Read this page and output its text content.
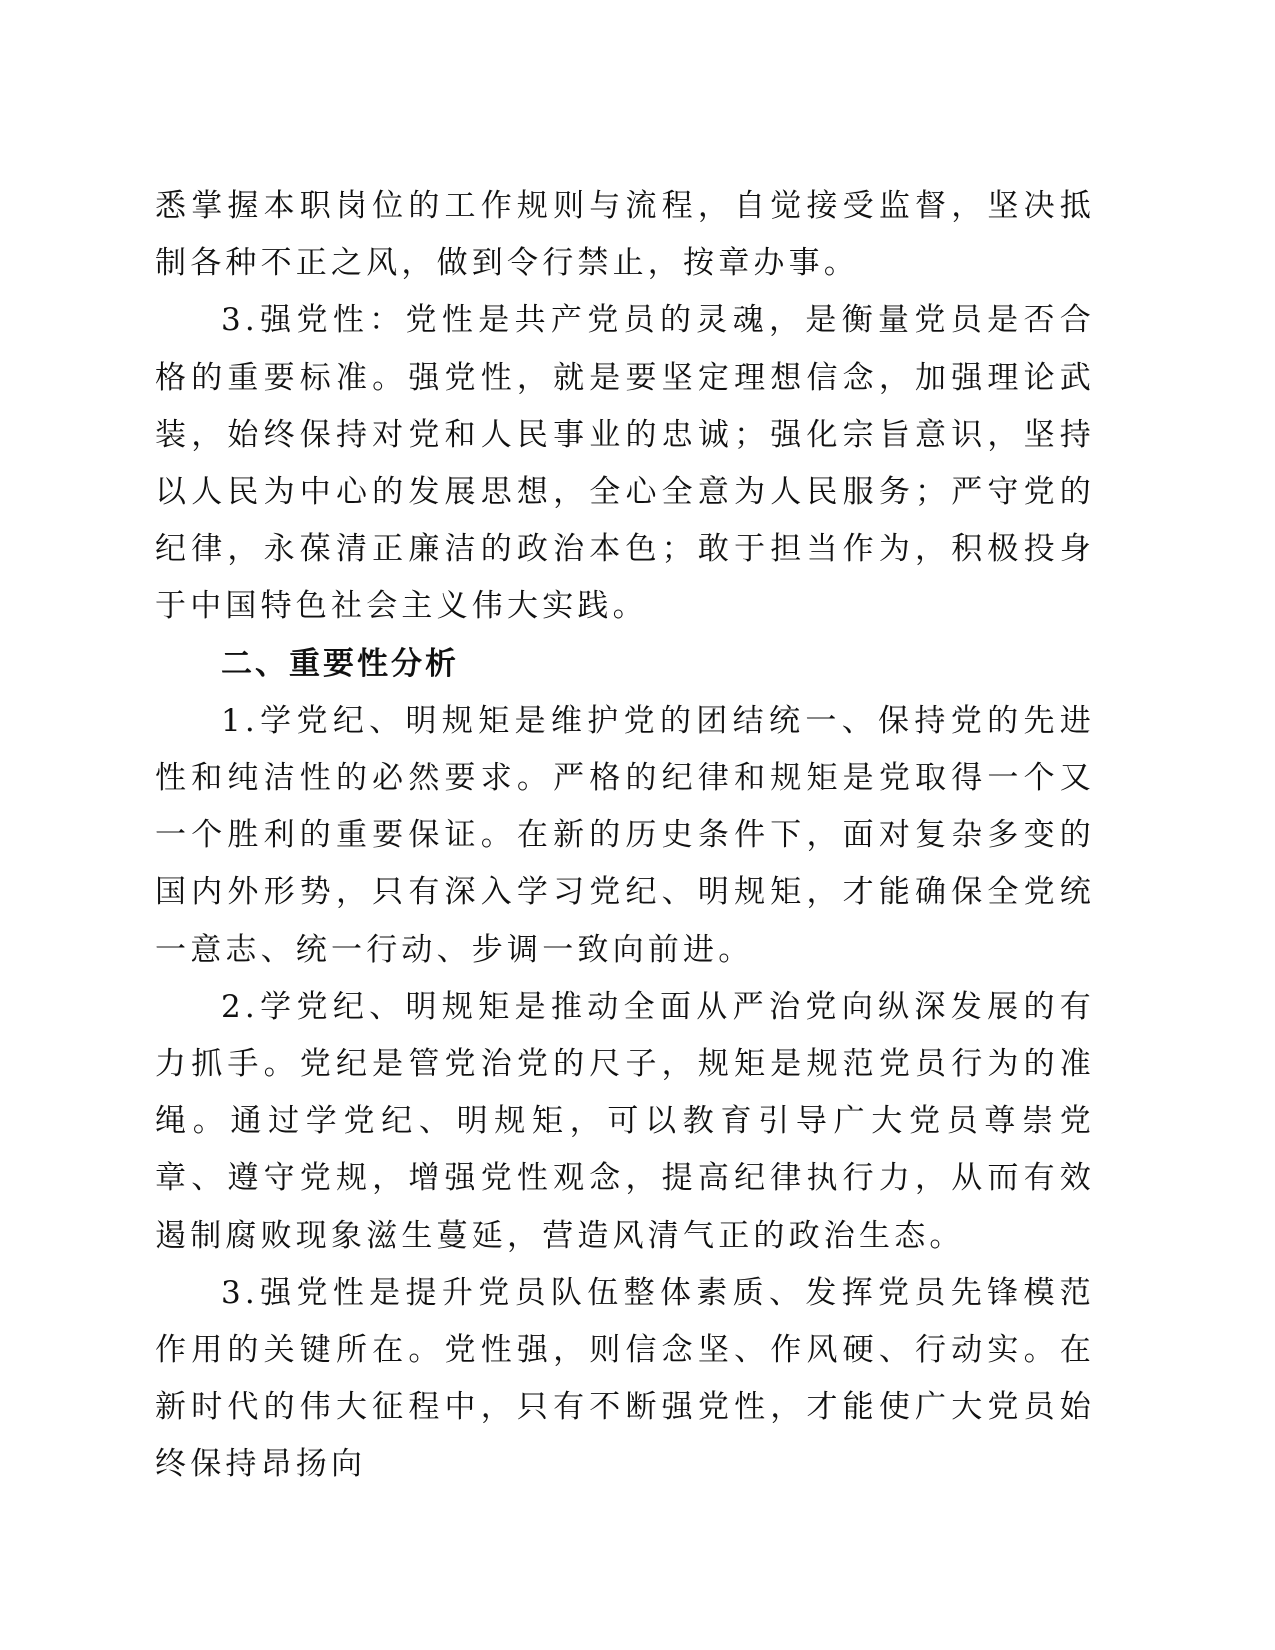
悉掌握本职岗位的工作规则与流程，自觉接受监督，坚决抵制各种不正之风，做到令行禁止，按章办事。

3.强党性：党性是共产党员的灵魂，是衡量党员是否合格的重要标准。强党性，就是要坚定理想信念，加强理论武装，始终保持对党和人民事业的忠诚；强化宗旨意识，坚持以人民为中心的发展思想，全心全意为人民服务；严守党的纪律，永葆清正廉洁的政治本色；敢于担当作为，积极投身于中国特色社会主义伟大实践。

二、重要性分析

1.学党纪、明规矩是维护党的团结统一、保持党的先进性和纯洁性的必然要求。严格的纪律和规矩是党取得一个又一个胜利的重要保证。在新的历史条件下，面对复杂多变的国内外形势，只有深入学习党纪、明规矩，才能确保全党统一意志、统一行动、步调一致向前进。

2.学党纪、明规矩是推动全面从严治党向纵深发展的有力抓手。党纪是管党治党的尺子，规矩是规范党员行为的准绳。通过学党纪、明规矩，可以教育引导广大党员尊崇党章、遵守党规，增强党性观念，提高纪律执行力，从而有效遏制腐败现象滋生蔓延，营造风清气正的政治生态。

3.强党性是提升党员队伍整体素质、发挥党员先锋模范作用的关键所在。党性强，则信念坚、作风硬、行动实。在新时代的伟大征程中，只有不断强党性，才能使广大党员始终保持昂扬向
